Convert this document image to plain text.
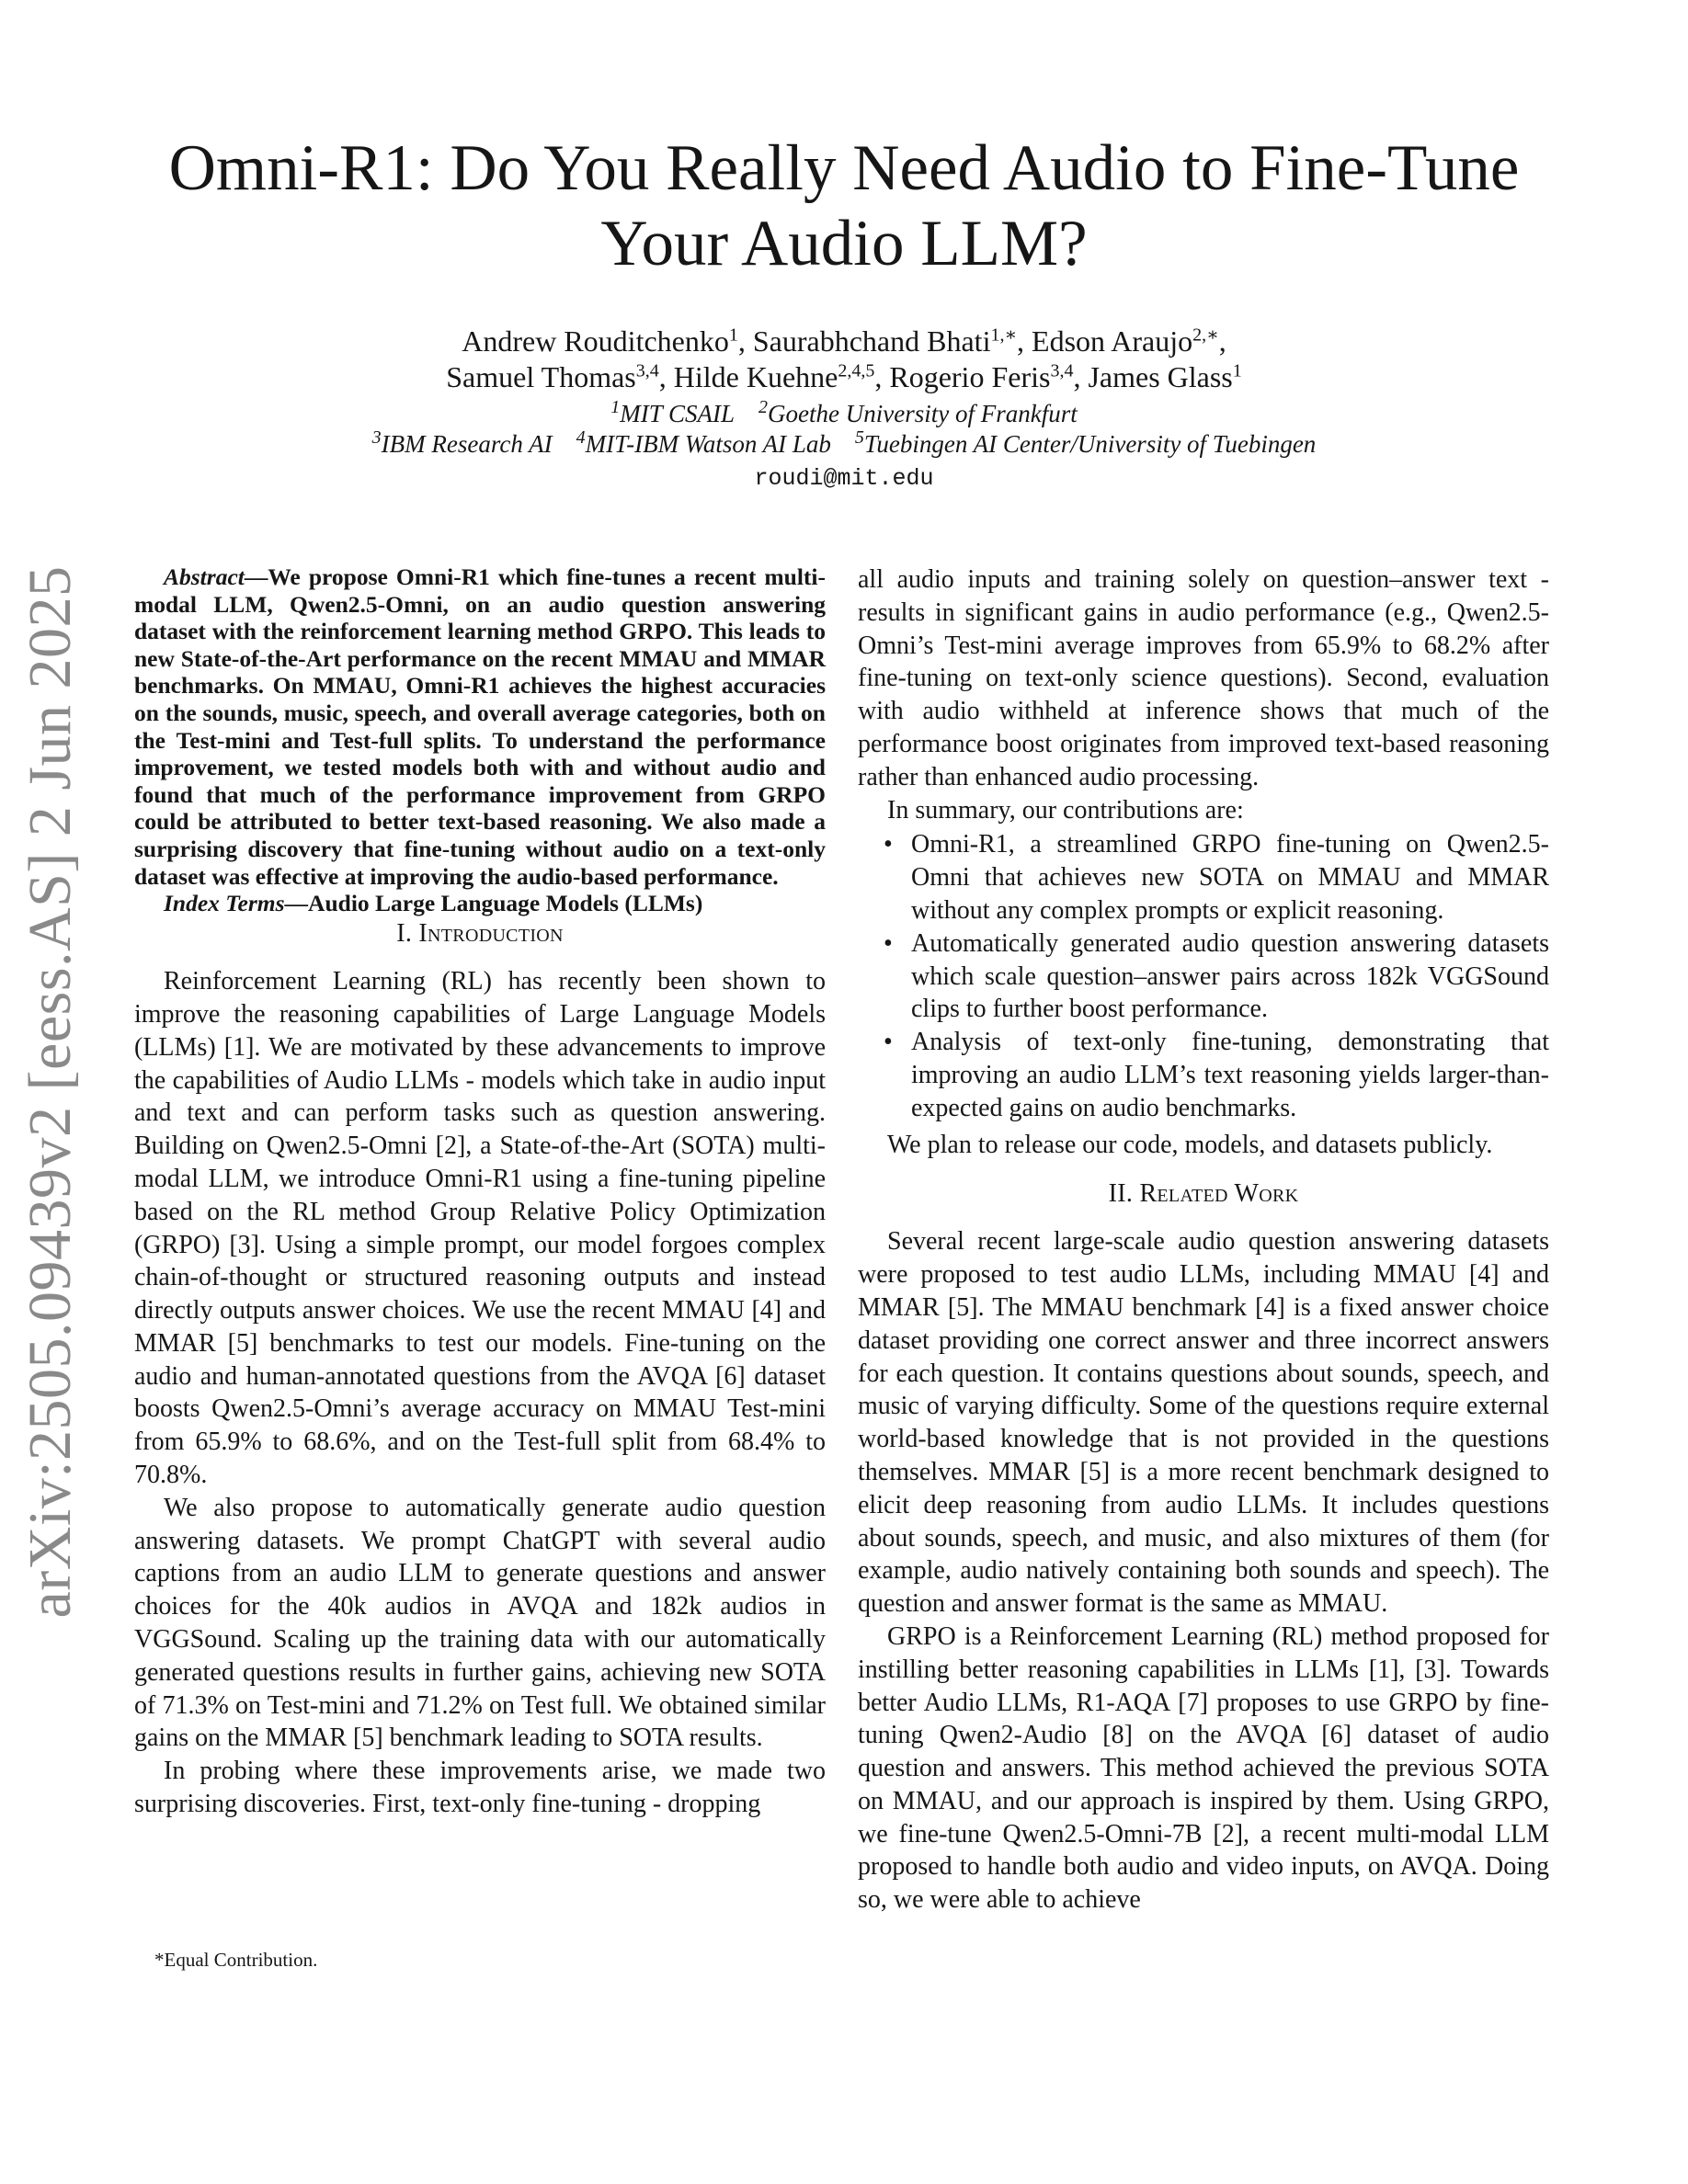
arXiv:2505.09439v2 [eess.AS] 2 Jun 2025
Omni-R1: Do You Really Need Audio to Fine-Tune
Your Audio LLM?
Andrew Rouditchenko$^1$, Saurabhchand Bhati$^{1,∗}$, Edson Araujo$^{2,∗}$,
Samuel Thomas$^{3,4}$, Hilde Kuehne$^{2,4,5}$, Rogerio Feris$^{3,4}$, James Glass$^1$
$^1$MIT CSAIL $^2$Goethe University of Frankfurt
$^3$IBM Research AI $^4$MIT-IBM Watson AI Lab $^5$Tuebingen AI Center/University of Tuebingen
roudi@mit.edu

Abstract—We propose Omni-R1 which fine-tunes a recent multi-modal LLM, Qwen2.5-Omni, on an audio question answering dataset with the reinforcement learning method GRPO. This leads to new State-of-the-Art performance on the recent MMAU and MMAR benchmarks. On MMAU, Omni-R1 achieves the highest accuracies on the sounds, music, speech, and overall average categories, both on the Test-mini and Test-full splits. To understand the performance improvement, we tested models both with and without audio and found that much of the performance improvement from GRPO could be attributed to better text-based reasoning. We also made a surprising discovery that fine-tuning without audio on a text-only dataset was effective at improving the audio-based performance.

Index Terms—Audio Large Language Models (LLMs)

I. Introduction

Reinforcement Learning (RL) has recently been shown to improve the reasoning capabilities of Large Language Models (LLMs) [1]. We are motivated by these advancements to improve the capabilities of Audio LLMs - models which take in audio input and text and can perform tasks such as question answering. Building on Qwen2.5-Omni [2], a State-of-the-Art (SOTA) multi-modal LLM, we introduce Omni-R1 using a fine-tuning pipeline based on the RL method Group Relative Policy Optimization (GRPO) [3]. Using a simple prompt, our model forgoes complex chain-of-thought or structured reasoning outputs and instead directly outputs answer choices. We use the recent MMAU [4] and MMAR [5] benchmarks to test our models. Fine-tuning on the audio and human-annotated questions from the AVQA [6] dataset boosts Qwen2.5-Omni’s average accuracy on MMAU Test-mini from 65.9% to 68.6%, and on the Test-full split from 68.4% to 70.8%.

We also propose to automatically generate audio question answering datasets. We prompt ChatGPT with several audio captions from an audio LLM to generate questions and answer choices for the 40k audios in AVQA and 182k audios in VGGSound. Scaling up the training data with our automatically generated questions results in further gains, achieving new SOTA of 71.3% on Test-mini and 71.2% on Test full. We obtained similar gains on the MMAR [5] benchmark leading to SOTA results.

In probing where these improvements arise, we made two surprising discoveries. First, text-only fine-tuning - dropping

all audio inputs and training solely on question–answer text - results in significant gains in audio performance (e.g., Qwen2.5-Omni’s Test-mini average improves from 65.9% to 68.2% after fine-tuning on text-only science questions). Second, evaluation with audio withheld at inference shows that much of the performance boost originates from improved text-based reasoning rather than enhanced audio processing.

In summary, our contributions are:

• Omni-R1, a streamlined GRPO fine-tuning on Qwen2.5-Omni that achieves new SOTA on MMAU and MMAR without any complex prompts or explicit reasoning.
• Automatically generated audio question answering datasets which scale question–answer pairs across 182k VGGSound clips to further boost performance.
• Analysis of text-only fine-tuning, demonstrating that improving an audio LLM’s text reasoning yields larger-than-expected gains on audio benchmarks.

We plan to release our code, models, and datasets publicly.

II. Related Work

Several recent large-scale audio question answering datasets were proposed to test audio LLMs, including MMAU [4] and MMAR [5]. The MMAU benchmark [4] is a fixed answer choice dataset providing one correct answer and three incorrect answers for each question. It contains questions about sounds, speech, and music of varying difficulty. Some of the questions require external world-based knowledge that is not provided in the questions themselves. MMAR [5] is a more recent benchmark designed to elicit deep reasoning from audio LLMs. It includes questions about sounds, speech, and music, and also mixtures of them (for example, audio natively containing both sounds and speech). The question and answer format is the same as MMAU.

GRPO is a Reinforcement Learning (RL) method proposed for instilling better reasoning capabilities in LLMs [1], [3]. Towards better Audio LLMs, R1-AQA [7] proposes to use GRPO by fine-tuning Qwen2-Audio [8] on the AVQA [6] dataset of audio question and answers. This method achieved the previous SOTA on MMAU, and our approach is inspired by them. Using GRPO, we fine-tune Qwen2.5-Omni-7B [2], a recent multi-modal LLM proposed to handle both audio and video inputs, on AVQA. Doing so, we were able to achieve

*Equal Contribution.
